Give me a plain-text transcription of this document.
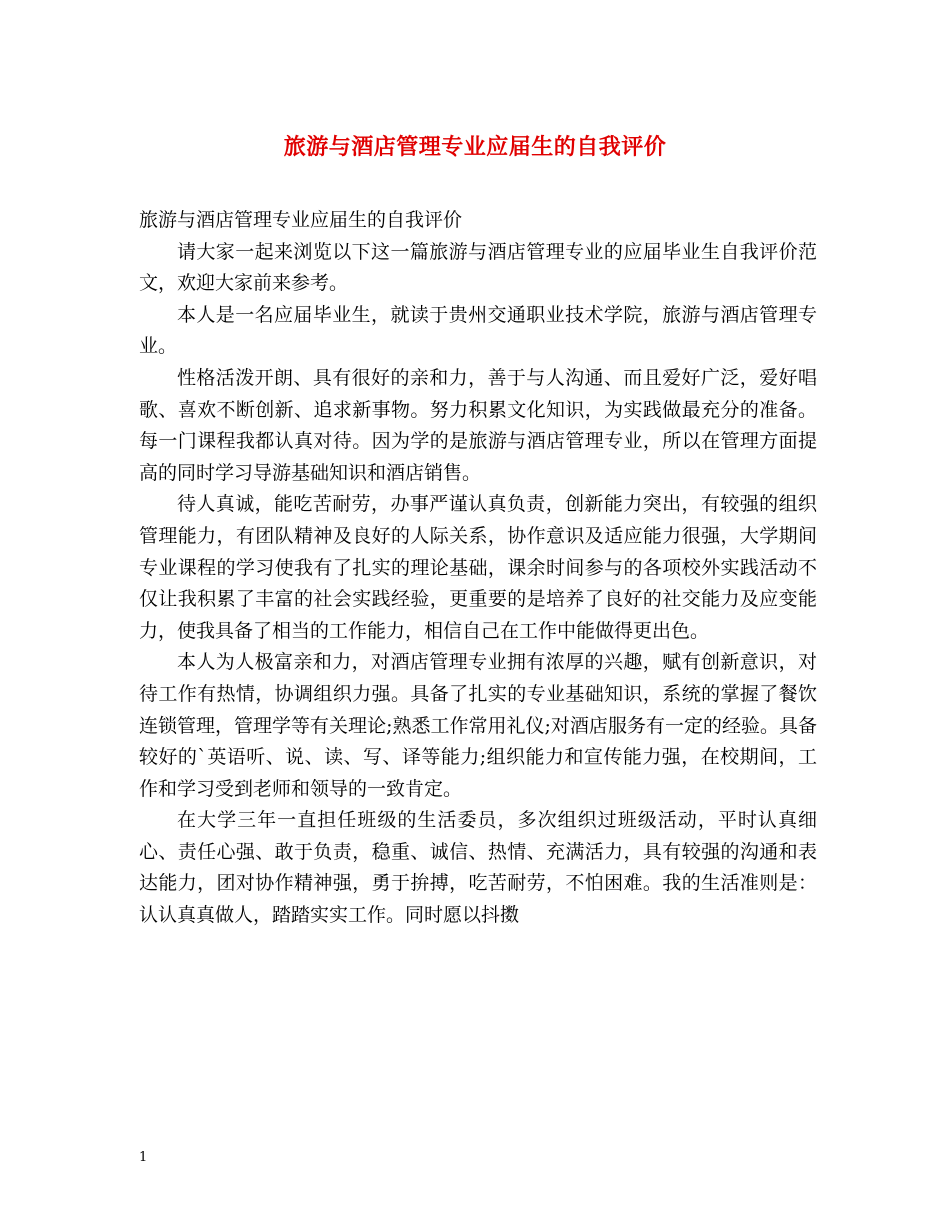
旅游与酒店管理专业应届生的自我评价

旅游与酒店管理专业应届生的自我评价

请大家一起来浏览以下这一篇旅游与酒店管理专业的应届毕业生自我评价范文，欢迎大家前来参考。

本人是一名应届毕业生，就读于贵州交通职业技术学院，旅游与酒店管理专业。

性格活泼开朗、具有很好的亲和力，善于与人沟通、而且爱好广泛，爱好唱歌、喜欢不断创新、追求新事物。努力积累文化知识，为实践做最充分的准备。每一门课程我都认真对待。因为学的是旅游与酒店管理专业，所以在管理方面提高的同时学习导游基础知识和酒店销售。

待人真诚，能吃苦耐劳，办事严谨认真负责，创新能力突出，有较强的组织管理能力，有团队精神及良好的人际关系，协作意识及适应能力很强，大学期间专业课程的学习使我有了扎实的理论基础，课余时间参与的各项校外实践活动不仅让我积累了丰富的社会实践经验，更重要的是培养了良好的社交能力及应变能力，使我具备了相当的工作能力，相信自己在工作中能做得更出色。

本人为人极富亲和力，对酒店管理专业拥有浓厚的兴趣，赋有创新意识，对待工作有热情，协调组织力强。具备了扎实的专业基础知识，系统的掌握了餐饮连锁管理，管理学等有关理论;熟悉工作常用礼仪;对酒店服务有一定的经验。具备较好的`英语听、说、读、写、译等能力;组织能力和宣传能力强，在校期间，工作和学习受到老师和领导的一致肯定。

在大学三年一直担任班级的生活委员，多次组织过班级活动，平时认真细心、责任心强、敢于负责，稳重、诚信、热情、充满活力，具有较强的沟通和表达能力，团对协作精神强，勇于拚搏，吃苦耐劳，不怕困难。我的生活准则是：认认真真做人，踏踏实实工作。同时愿以抖擞

1
